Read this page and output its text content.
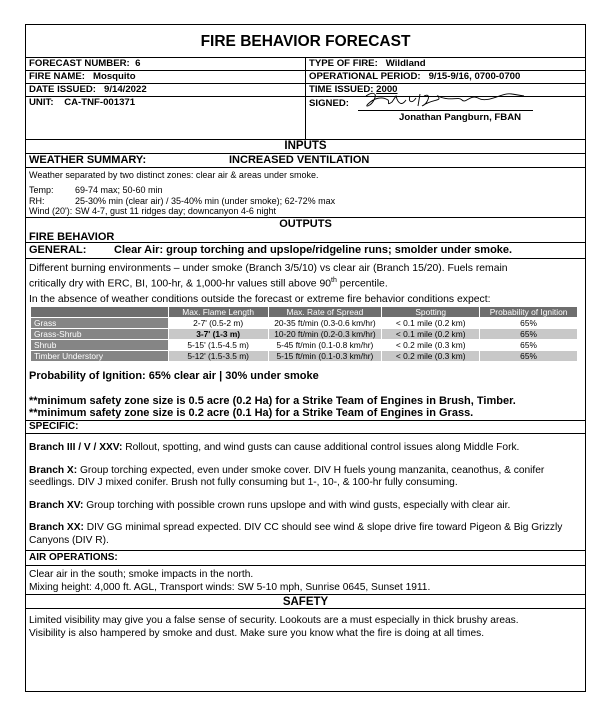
FIRE BEHAVIOR FORECAST
FORECAST NUMBER: 6	TYPE OF FIRE: Wildland
FIRE NAME: Mosquito	OPERATIONAL PERIOD: 9/15-9/16, 0700-0700
DATE ISSUED: 9/14/2022	TIME ISSUED: 2000
UNIT: CA-TNF-001371	SIGNED:
Jonathan Pangburn, FBAN
INPUTS
WEATHER SUMMARY:	INCREASED VENTILATION
Weather separated by two distinct zones: clear air & areas under smoke.
Temp:	69-74 max; 50-60 min
RH:	25-30% min (clear air) / 35-40% min (under smoke); 62-72% max
Wind (20'): SW 4-7, gust 11 ridges day; downcanyon 4-6 night
OUTPUTS
FIRE BEHAVIOR
GENERAL:	Clear Air: group torching and upslope/ridgeline runs; smolder under smoke.
Different burning environments – under smoke (Branch 3/5/10) vs clear air (Branch 15/20). Fuels remain
critically dry with ERC, BI, 100-hr, & 1,000-hr values still above 90th percentile.
In the absence of weather conditions outside the forecast or extreme fire behavior conditions expect:
	Max. Flame Length	Max. Rate of Spread	Spotting	Probability of Ignition
Grass	2-7' (0.5-2 m)	20-35 ft/min (0.3-0.6 km/hr)	< 0.1 mile (0.2 km)	65%
Grass-Shrub	3-7' (1-3 m)	10-20 ft/min (0.2-0.3 km/hr)	< 0.1 mile (0.2 km)	65%
Shrub	5-15' (1.5-4.5 m)	5-45 ft/min (0.1-0.8 km/hr)	< 0.2 mile (0.3 km)	65%
Timber Understory	5-12' (1.5-3.5 m)	5-15 ft/min (0.1-0.3 km/hr)	< 0.2 mile (0.3 km)	65%
Probability of Ignition: 65% clear air | 30% under smoke
**minimum safety zone size is 0.5 acre (0.2 Ha) for a Strike Team of Engines in Brush, Timber.
**minimum safety zone size is 0.2 acre (0.1 Ha) for a Strike Team of Engines in Grass.
SPECIFIC:
Branch III / V / XXV: Rollout, spotting, and wind gusts can cause additional control issues along Middle Fork.
Branch X: Group torching expected, even under smoke cover. DIV H fuels young manzanita, ceanothus, & conifer seedlings. DIV J mixed conifer. Brush not fully consuming but 1-, 10-, & 100-hr fully consuming.
Branch XV: Group torching with possible crown runs upslope and with wind gusts, especially with clear air.
Branch XX: DIV GG minimal spread expected. DIV CC should see wind & slope drive fire toward Pigeon & Big Grizzly Canyons (DIV R).
AIR OPERATIONS:
Clear air in the south; smoke impacts in the north.
Mixing height: 4,000 ft. AGL, Transport winds: SW 5-10 mph, Sunrise 0645, Sunset 1911.
SAFETY
Limited visibility may give you a false sense of security. Lookouts are a must especially in thick brushy areas.
Visibility is also hampered by smoke and dust. Make sure you know what the fire is doing at all times.
